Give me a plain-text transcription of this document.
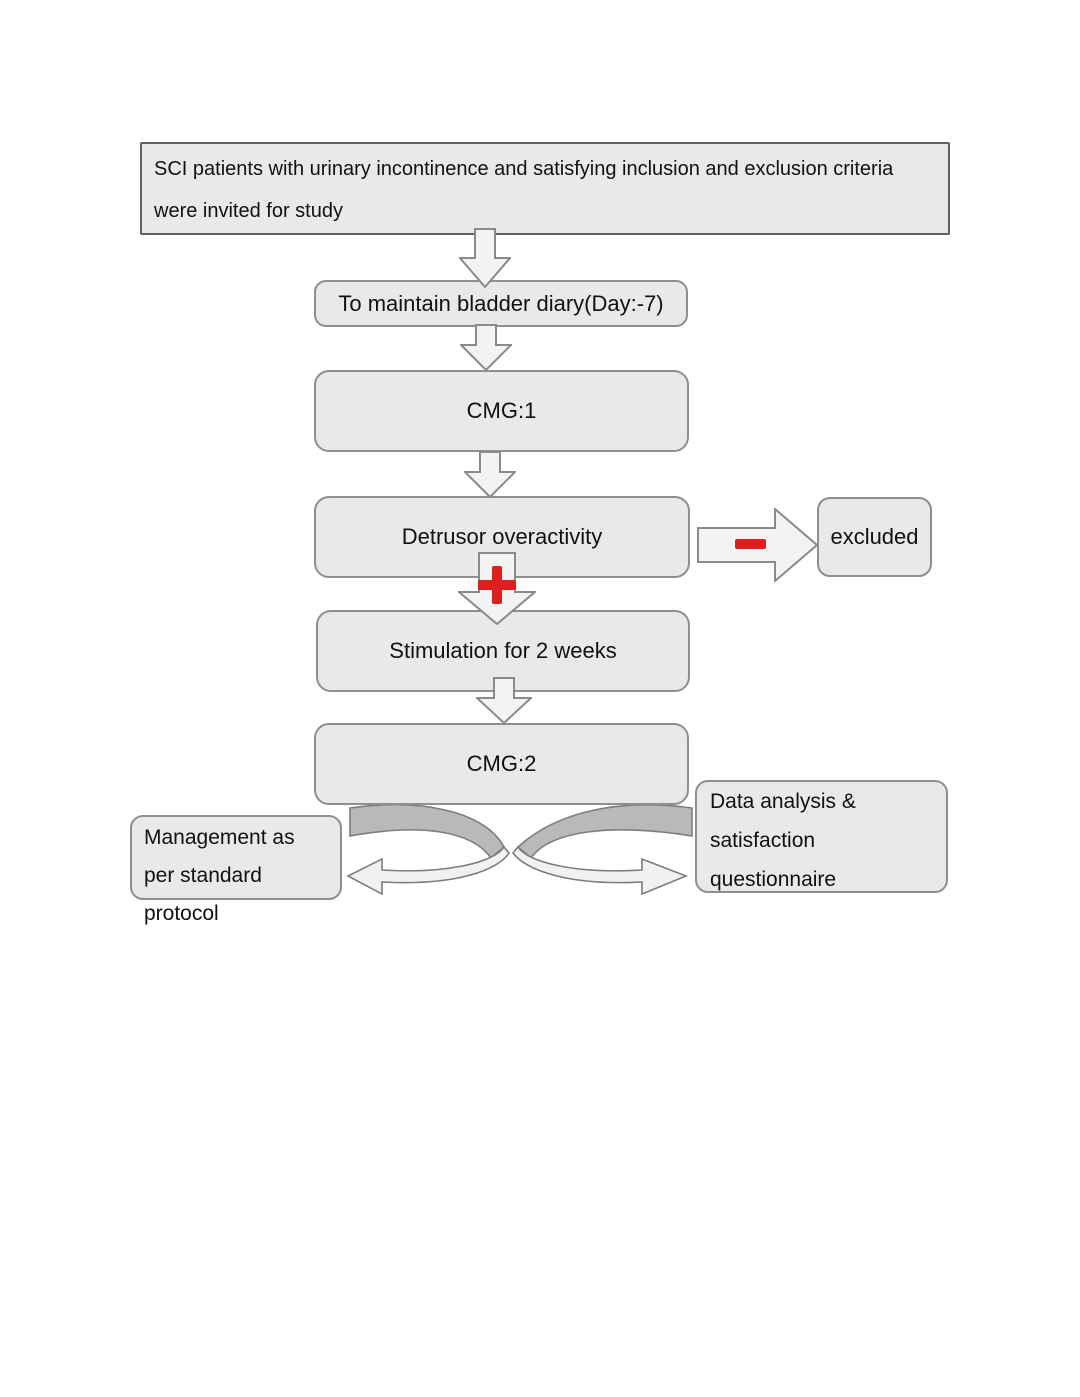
SCI patients with urinary incontinence and satisfying inclusion and exclusion criteria were invited for study
To maintain bladder diary(Day:-7)
CMG:1
Detrusor overactivity	excluded
Stimulation for 2 weeks
CMG:2
Management as per standard protocol
Data analysis & satisfaction questionnaire
